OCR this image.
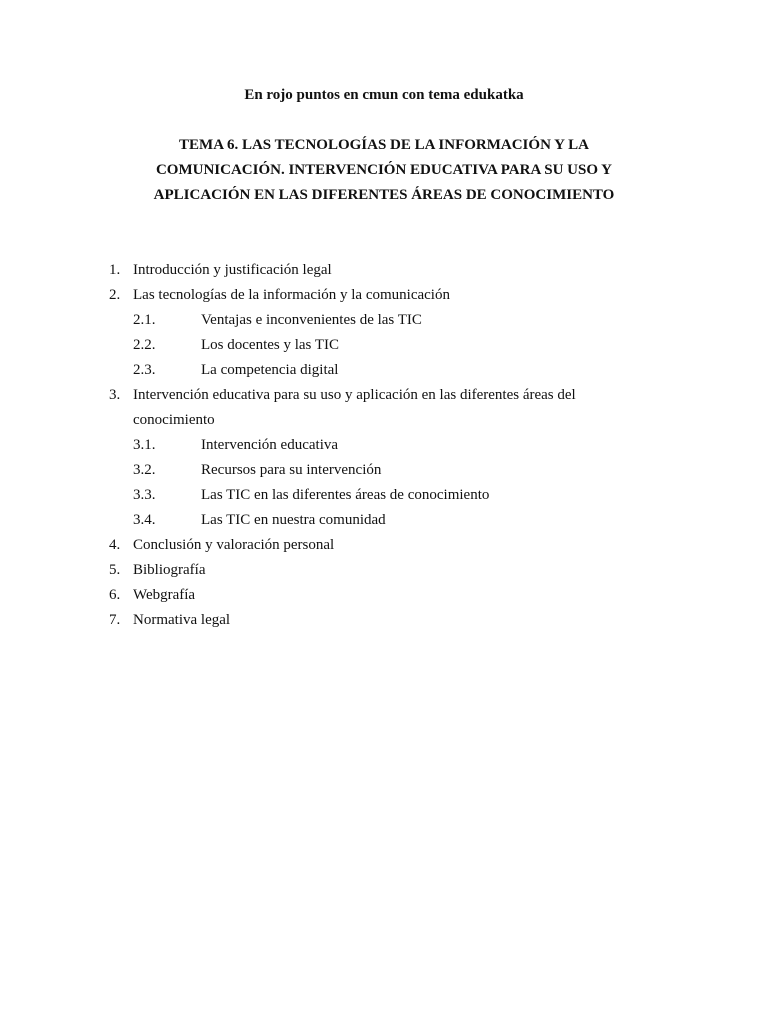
En rojo puntos en cmun con tema edukatka
TEMA 6. LAS TECNOLOGÍAS DE LA INFORMACIÓN Y LA
COMUNICACIÓN. INTERVENCIÓN EDUCATIVA PARA SU USO Y
APLICACIÓN EN LAS DIFERENTES ÁREAS DE CONOCIMIENTO
1. Introducción y justificación legal
2. Las tecnologías de la información y la comunicación
2.1.	Ventajas e inconvenientes de las TIC
2.2.	Los docentes y las TIC
2.3.	La competencia digital
3. Intervención educativa para su uso y aplicación en las diferentes áreas del conocimiento
3.1.	Intervención educativa
3.2.	Recursos para su intervención
3.3.	Las TIC en las diferentes áreas de conocimiento
3.4.	Las TIC en nuestra comunidad
4. Conclusión y valoración personal
5. Bibliografía
6. Webgrafía
7. Normativa legal
